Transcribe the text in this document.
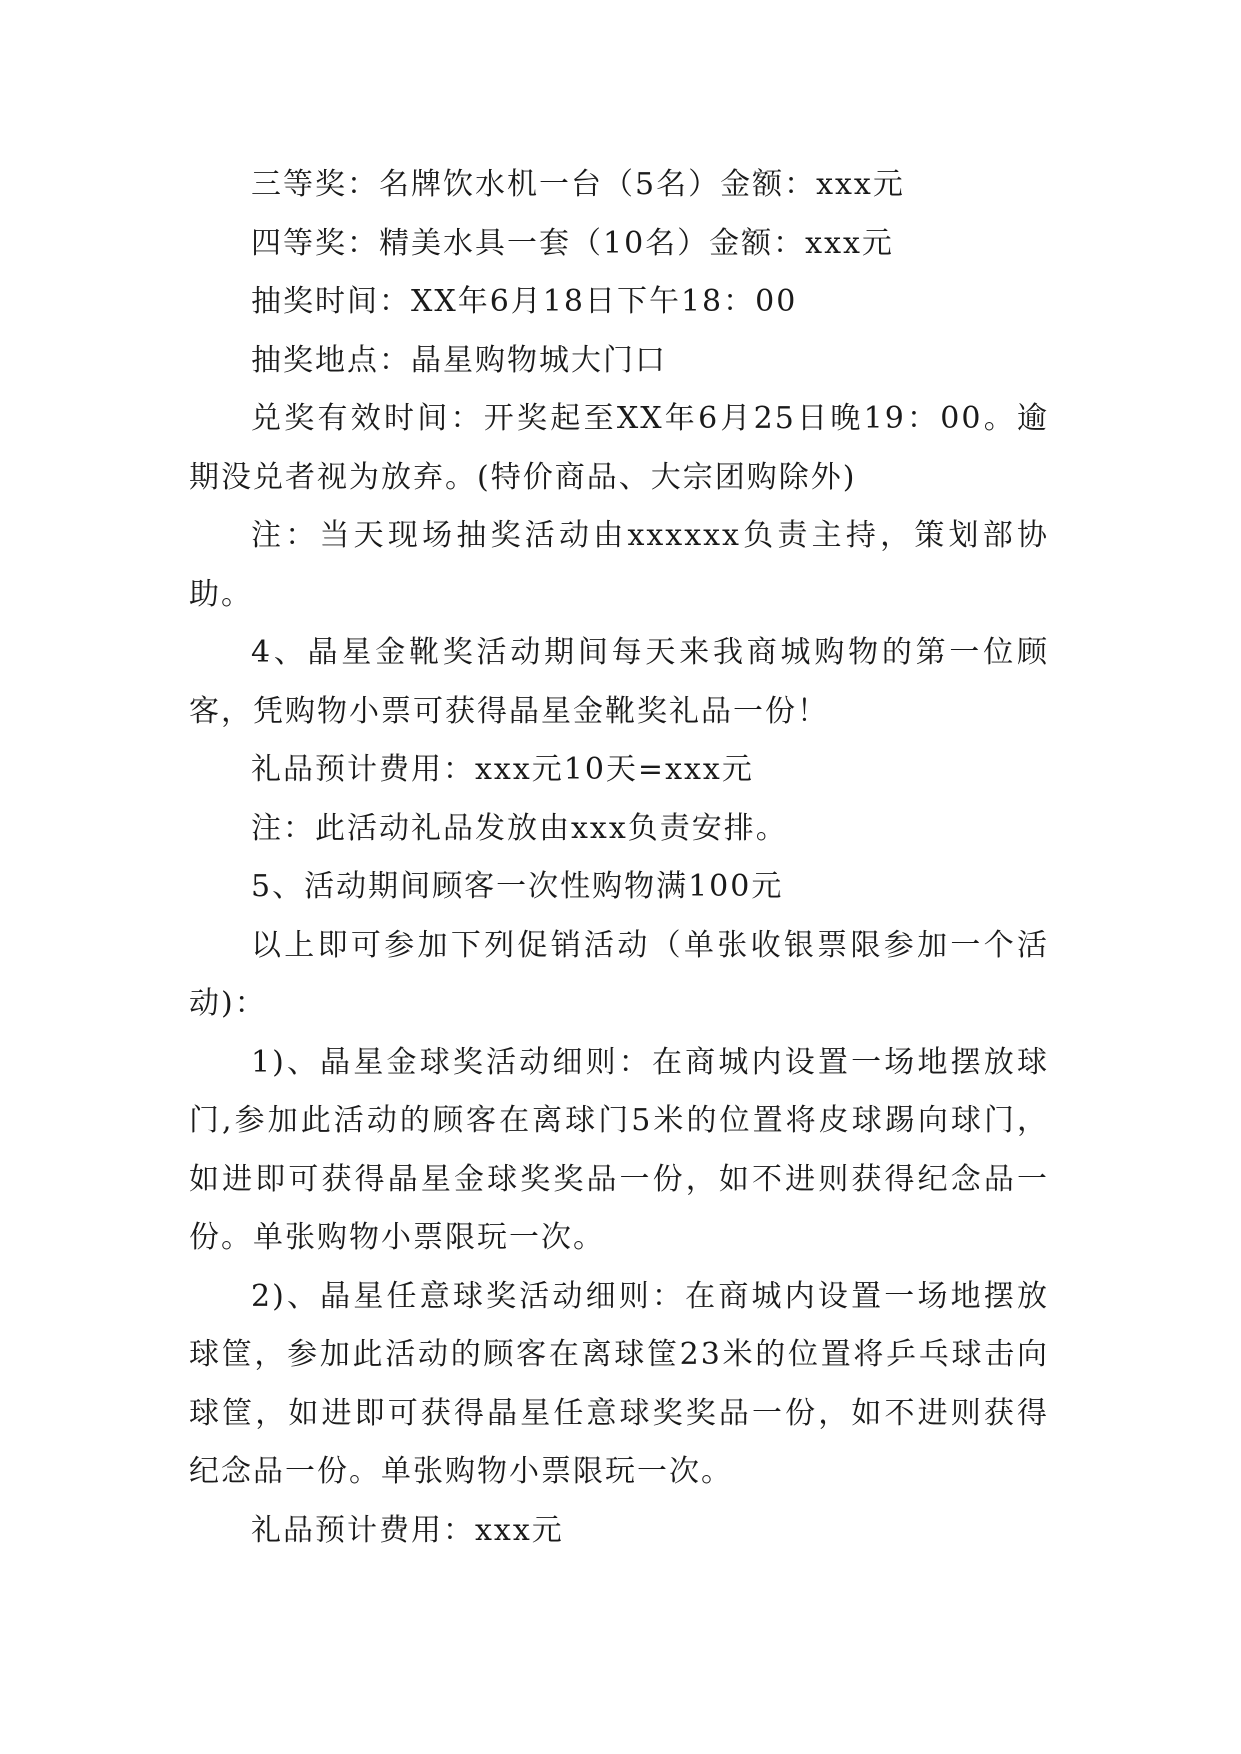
三等奖：名牌饮水机一台（5名）金额：xxx元

四等奖：精美水具一套（10名）金额：xxx元

抽奖时间：XX年6月18日下午18：00

抽奖地点：晶星购物城大门口

兑奖有效时间：开奖起至XX年6月25日晚19：00。逾期没兑者视为放弃。(特价商品、大宗团购除外)

注：当天现场抽奖活动由xxxxxx负责主持，策划部协助。

4、晶星金靴奖活动期间每天来我商城购物的第一位顾客，凭购物小票可获得晶星金靴奖礼品一份！

礼品预计费用：xxx元10天=xxx元

注：此活动礼品发放由xxx负责安排。

5、活动期间顾客一次性购物满100元

以上即可参加下列促销活动（单张收银票限参加一个活动)：

1)、晶星金球奖活动细则：在商城内设置一场地摆放球门,参加此活动的顾客在离球门5米的位置将皮球踢向球门，如进即可获得晶星金球奖奖品一份，如不进则获得纪念品一份。单张购物小票限玩一次。

2)、晶星任意球奖活动细则：在商城内设置一场地摆放球筐，参加此活动的顾客在离球筐23米的位置将乒乓球击向球筐，如进即可获得晶星任意球奖奖品一份，如不进则获得纪念品一份。单张购物小票限玩一次。

礼品预计费用：xxx元
